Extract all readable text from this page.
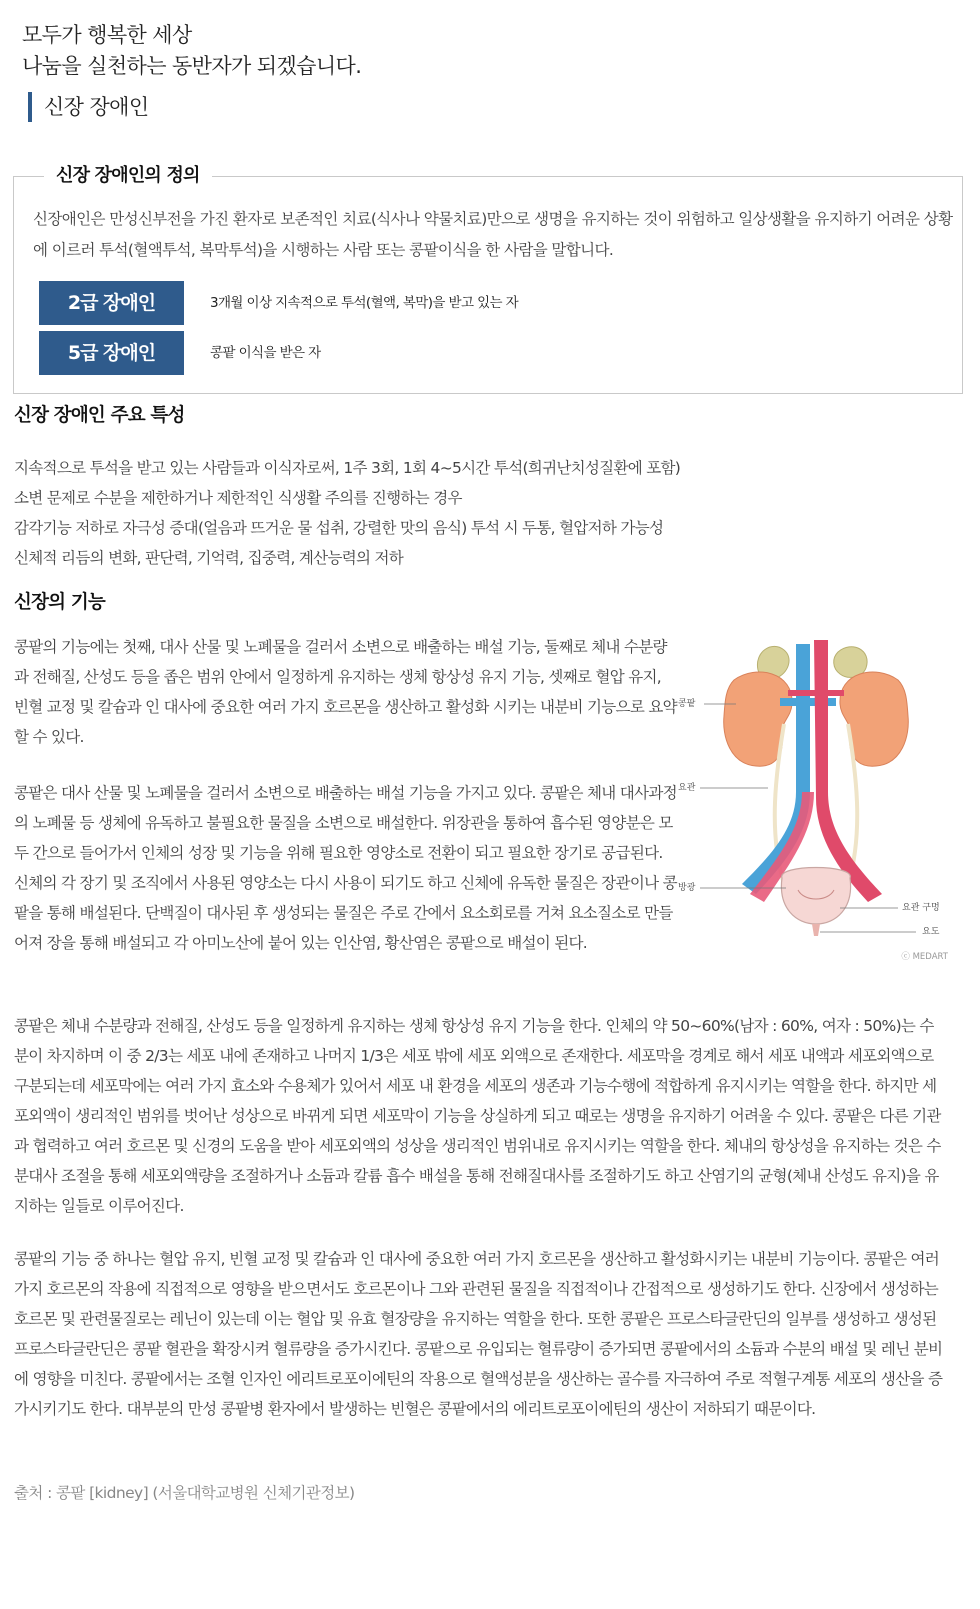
모두가 행복한 세상
나눔을 실천하는 동반자가 되겠습니다.
신장 장애인
신장 장애인의 정의
신장애인은 만성신부전을 가진 환자로 보존적인 치료(식사나 약물치료)만으로 생명을 유지하는 것이 위험하고 일상생활을 유지하기 어려운 상황에 이르러 투석(혈액투석, 복막투석)을 시행하는 사람 또는 콩팥이식을 한 사람을 말합니다.
2급 장애인	3개월 이상 지속적으로 투석(혈액, 복막)을 받고 있는 자
5급 장애인	콩팥 이식을 받은 자
신장 장애인 주요 특성
지속적으로 투석을 받고 있는 사람들과 이식자로써, 1주 3회, 1회 4~5시간 투석(희귀난치성질환에 포함)
소변 문제로 수분을 제한하거나 제한적인 식생활 주의를 진행하는 경우
감각기능 저하로 자극성 증대(얼음과 뜨거운 물 섭취, 강렬한 맛의 음식) 투석 시 두통, 혈압저하 가능성
신체적 리듬의 변화, 판단력, 기억력, 집중력, 계산능력의 저하
신장의 기능

콩팥의 기능에는 첫째, 대사 산물 및 노폐물을 걸러서 소변으로 배출하는 배설 기능, 둘째로 체내 수분량과 전해질, 산성도 등을 좁은 범위 안에서 일정하게 유지하는 생체 항상성 유지 기능, 셋째로 혈압 유지, 빈혈 교정 및 칼슘과 인 대사에 중요한 여러 가지 호르몬을 생산하고 활성화 시키는 내분비 기능으로 요약할 수 있다.

콩팥은 대사 산물 및 노폐물을 걸러서 소변으로 배출하는 배설 기능을 가지고 있다. 콩팥은 체내 대사과정의 노폐물 등 생체에 유독하고 불필요한 물질을 소변으로 배설한다. 위장관을 통하여 흡수된 영양분은 모두 간으로 들어가서 인체의 성장 및 기능을 위해 필요한 영양소로 전환이 되고 필요한 장기로 공급된다. 신체의 각 장기 및 조직에서 사용된 영양소는 다시 사용이 되기도 하고 신체에 유독한 물질은 장관이나 콩팥을 통해 배설된다. 단백질이 대사된 후 생성되는 물질은 주로 간에서 요소회로를 거쳐 요소질소로 만들어져 장을 통해 배설되고 각 아미노산에 붙어 있는 인산염, 황산염은 콩팥으로 배설이 된다.

콩팥은 체내 수분량과 전해질, 산성도 등을 일정하게 유지하는 생체 항상성 유지 기능을 한다. 인체의 약 50~60%(남자 : 60%, 여자 : 50%)는 수분이 차지하며 이 중 2/3는 세포 내에 존재하고 나머지 1/3은 세포 밖에 세포 외액으로 존재한다. 세포막을 경계로 해서 세포 내액과 세포외액으로 구분되는데 세포막에는 여러 가지 효소와 수용체가 있어서 세포 내 환경을 세포의 생존과 기능수행에 적합하게 유지시키는 역할을 한다. 하지만 세포외액이 생리적인 범위를 벗어난 성상으로 바뀌게 되면 세포막이 기능을 상실하게 되고 때로는 생명을 유지하기 어려울 수 있다. 콩팥은 다른 기관과 협력하고 여러 호르몬 및 신경의 도움을 받아 세포외액의 성상을 생리적인 범위내로 유지시키는 역할을 한다. 체내의 항상성을 유지하는 것은 수분대사 조절을 통해 세포외액량을 조절하거나 소듐과 칼륨 흡수 배설을 통해 전해질대사를 조절하기도 하고 산염기의 균형(체내 산성도 유지)을 유지하는 일들로 이루어진다.

콩팥의 기능 중 하나는 혈압 유지, 빈혈 교정 및 칼슘과 인 대사에 중요한 여러 가지 호르몬을 생산하고 활성화시키는 내분비 기능이다. 콩팥은 여러 가지 호르몬의 작용에 직접적으로 영향을 받으면서도 호르몬이나 그와 관련된 물질을 직접적이나 간접적으로 생성하기도 한다. 신장에서 생성하는 호르몬 및 관련물질로는 레닌이 있는데 이는 혈압 및 유효 혈장량을 유지하는 역할을 한다. 또한 콩팥은 프로스타글란딘의 일부를 생성하고 생성된 프로스타글란딘은 콩팥 혈관을 확장시켜 혈류량을 증가시킨다. 콩팥으로 유입되는 혈류량이 증가되면 콩팥에서의 소듐과 수분의 배설 및 레닌 분비에 영향을 미친다. 콩팥에서는 조혈 인자인 에리트로포이에틴의 작용으로 혈액성분을 생산하는 골수를 자극하여 주로 적혈구계통 세포의 생산을 증가시키기도 한다. 대부분의 만성 콩팥병 환자에서 발생하는 빈혈은 콩팥에서의 에리트로포이에틴의 생산이 저하되기 때문이다.

출처 : 콩팥 [kidney] (서울대학교병원 신체기관정보)
콩팥
요관
방광
요관 구멍
요도
ⓒ MEDART
